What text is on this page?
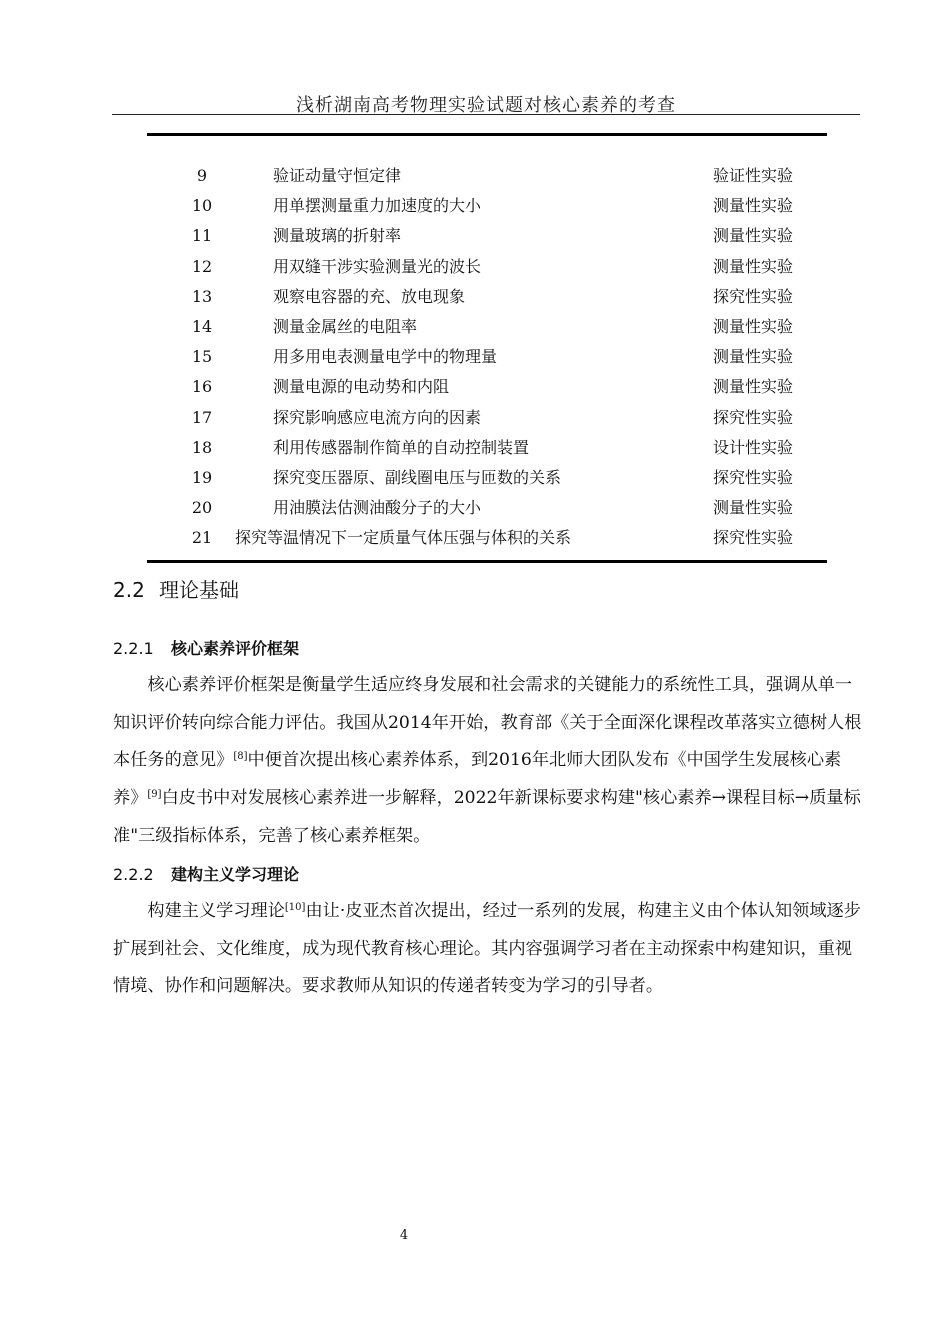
浅析湖南高考物理实验试题对核心素养的考查
9	验证动量守恒定律	验证性实验
10	用单摆测量重力加速度的大小	测量性实验
11	测量玻璃的折射率	测量性实验
12	用双缝干涉实验测量光的波长	测量性实验
13	观察电容器的充、放电现象	探究性实验
14	测量金属丝的电阻率	测量性实验
15	用多用电表测量电学中的物理量	测量性实验
16	测量电源的电动势和内阻	测量性实验
17	探究影响感应电流方向的因素	探究性实验
18	利用传感器制作简单的自动控制装置	设计性实验
19	探究变压器原、副线圈电压与匝数的关系	探究性实验
20	用油膜法估测油酸分子的大小	测量性实验
21	探究等温情况下一定质量气体压强与体积的关系	探究性实验
2.2 理论基础
2.2.1 核心素养评价框架
核心素养评价框架是衡量学生适应终身发展和社会需求的关键能力的系统性工具，强调从单一知识评价转向综合能力评估。我国从2014年开始，教育部《关于全面深化课程改革落实立德树人根本任务的意见》[8]中便首次提出核心素养体系，到2016年北师大团队发布《中国学生发展核心素养》[9]白皮书中对发展核心素养进一步解释，2022年新课标要求构建"核心素养→课程目标→质量标准"三级指标体系，完善了核心素养框架。
2.2.2 建构主义学习理论
构建主义学习理论[10]由让·皮亚杰首次提出，经过一系列的发展，构建主义由个体认知领域逐步扩展到社会、文化维度，成为现代教育核心理论。其内容强调学习者在主动探索中构建知识，重视情境、协作和问题解决。要求教师从知识的传递者转变为学习的引导者。
4
